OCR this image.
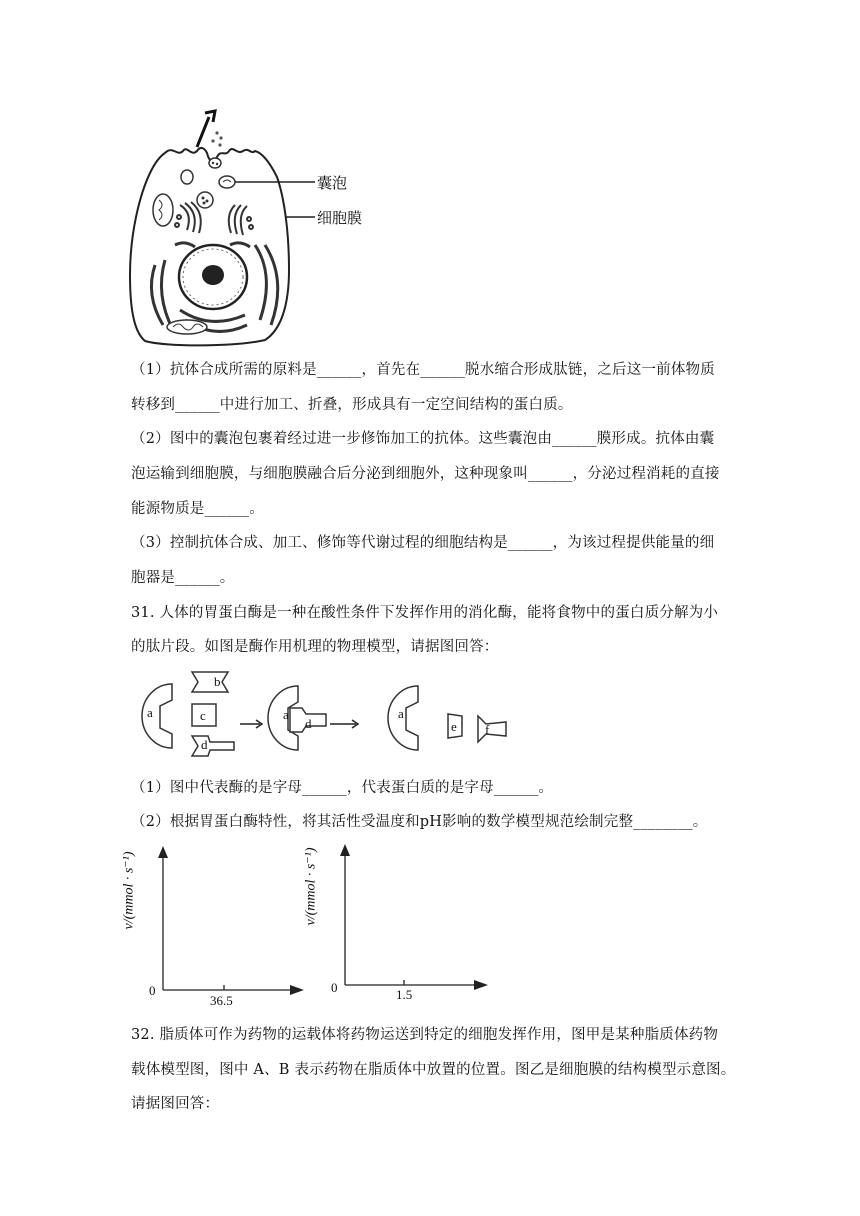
囊泡
细胞膜
（1）抗体合成所需的原料是______，首先在______脱水缩合形成肽链，之后这一前体物质
转移到______中进行加工、折叠，形成具有一定空间结构的蛋白质。
（2）图中的囊泡包裹着经过进一步修饰加工的抗体。这些囊泡由______膜形成。抗体由囊
泡运输到细胞膜，与细胞膜融合后分泌到细胞外，这种现象叫______，分泌过程消耗的直接
能源物质是______。
（3）控制抗体合成、加工、修饰等代谢过程的细胞结构是______，为该过程提供能量的细
胞器是______。
31. 人体的胃蛋白酶是一种在酸性条件下发挥作用的消化酶，能将食物中的蛋白质分解为小
的肽片段。如图是酶作用机理的物理模型，请据图回答：
a
b
c
d
a
d
a
e f
（1）图中代表酶的是字母______，代表蛋白质的是字母______。
（2）根据胃蛋白酶特性，将其活性受温度和pH影响的数学模型规范绘制完整________。
v/(mmol · s⁻¹)
0
36.5
v/(mmol · s⁻¹)
0	1.5
32. 脂质体可作为药物的运载体将药物运送到特定的细胞发挥作用，图甲是某种脂质体药物
载体模型图，图中 A、B 表示药物在脂质体中放置的位置。图乙是细胞膜的结构模型示意图。
请据图回答：
